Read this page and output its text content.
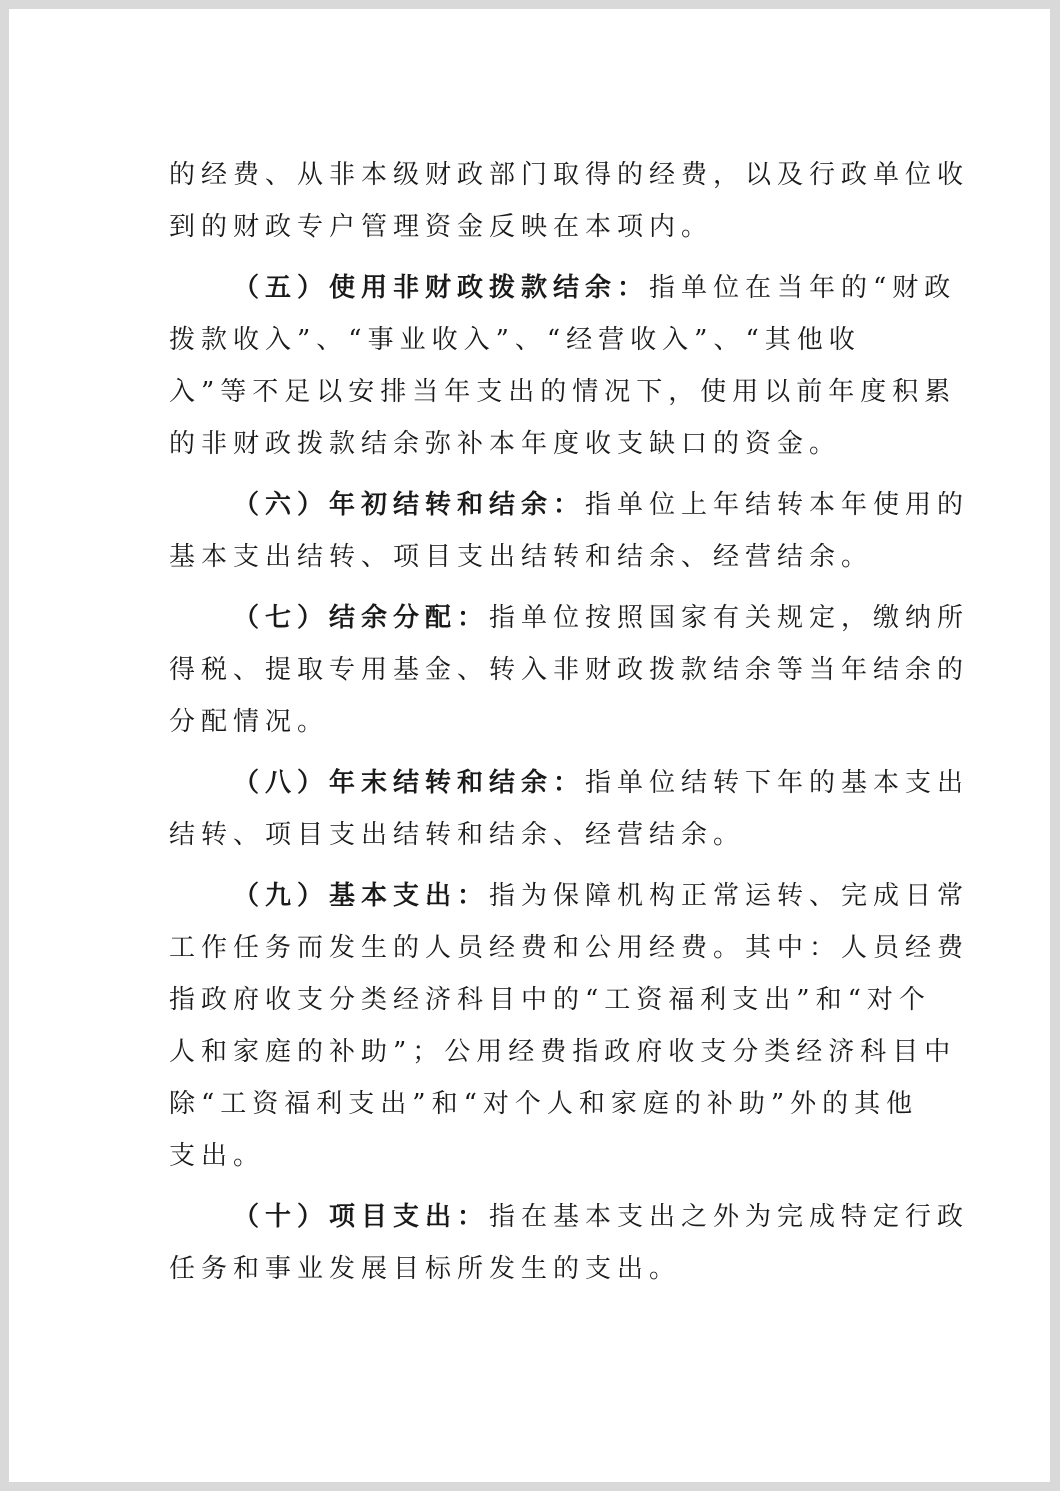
的经费、从非本级财政部门取得的经费，以及行政单位收
到的财政专户管理资金反映在本项内。
（五）使用非财政拨款结余：指单位在当年的“财政
拨款收入”、“事业收入”、“经营收入”、“其他收
入”等不足以安排当年支出的情况下，使用以前年度积累
的非财政拨款结余弥补本年度收支缺口的资金。
（六）年初结转和结余：指单位上年结转本年使用的
基本支出结转、项目支出结转和结余、经营结余。
（七）结余分配：指单位按照国家有关规定，缴纳所
得税、提取专用基金、转入非财政拨款结余等当年结余的
分配情况。
（八）年末结转和结余：指单位结转下年的基本支出
结转、项目支出结转和结余、经营结余。
（九）基本支出：指为保障机构正常运转、完成日常
工作任务而发生的人员经费和公用经费。其中：人员经费
指政府收支分类经济科目中的“工资福利支出”和“对个
人和家庭的补助”；公用经费指政府收支分类经济科目中
除“工资福利支出”和“对个人和家庭的补助”外的其他
支出。
（十）项目支出：指在基本支出之外为完成特定行政
任务和事业发展目标所发生的支出。
